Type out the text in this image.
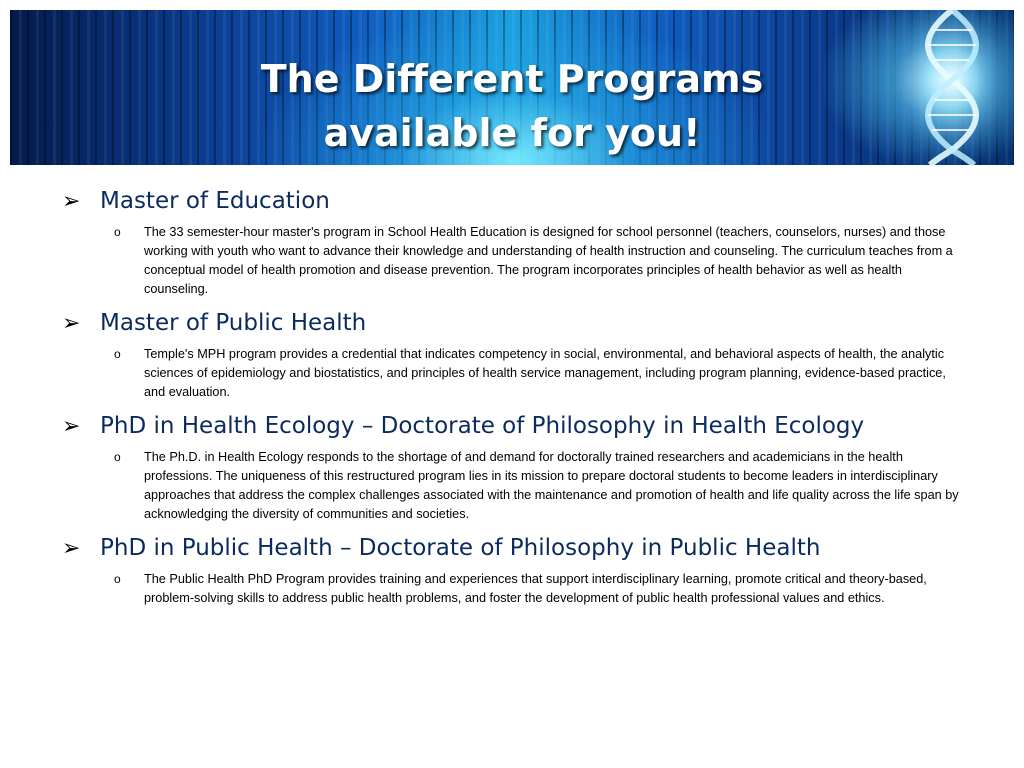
The Different Programs
available for you!
➢ Master of Education
o	The 33 semester-hour master's program in School Health Education is designed for school personnel (teachers, counselors, nurses) and those working with youth who want to advance their knowledge and understanding of health instruction and counseling. The curriculum teaches from a conceptual model of health promotion and disease prevention. The program incorporates principles of health behavior as well as health counseling.
➢ Master of Public Health
o	Temple's MPH program provides a credential that indicates competency in social, environmental, and behavioral aspects of health, the analytic sciences of epidemiology and biostatistics, and principles of health service management, including program planning, evidence-based practice, and evaluation.
➢ PhD in Health Ecology – Doctorate of Philosophy in Health Ecology
o	The Ph.D. in Health Ecology responds to the shortage of and demand for doctorally trained researchers and academicians in the health professions. The uniqueness of this restructured program lies in its mission to prepare doctoral students to become leaders in interdisciplinary approaches that address the complex challenges associated with the maintenance and promotion of health and life quality across the life span by acknowledging the diversity of communities and societies.
➢ PhD in Public Health – Doctorate of Philosophy in Public Health
o	The Public Health PhD Program provides training and experiences that support interdisciplinary learning, promote critical and theory-based, problem-solving skills to address public health problems, and foster the development of public health professional values and ethics.
